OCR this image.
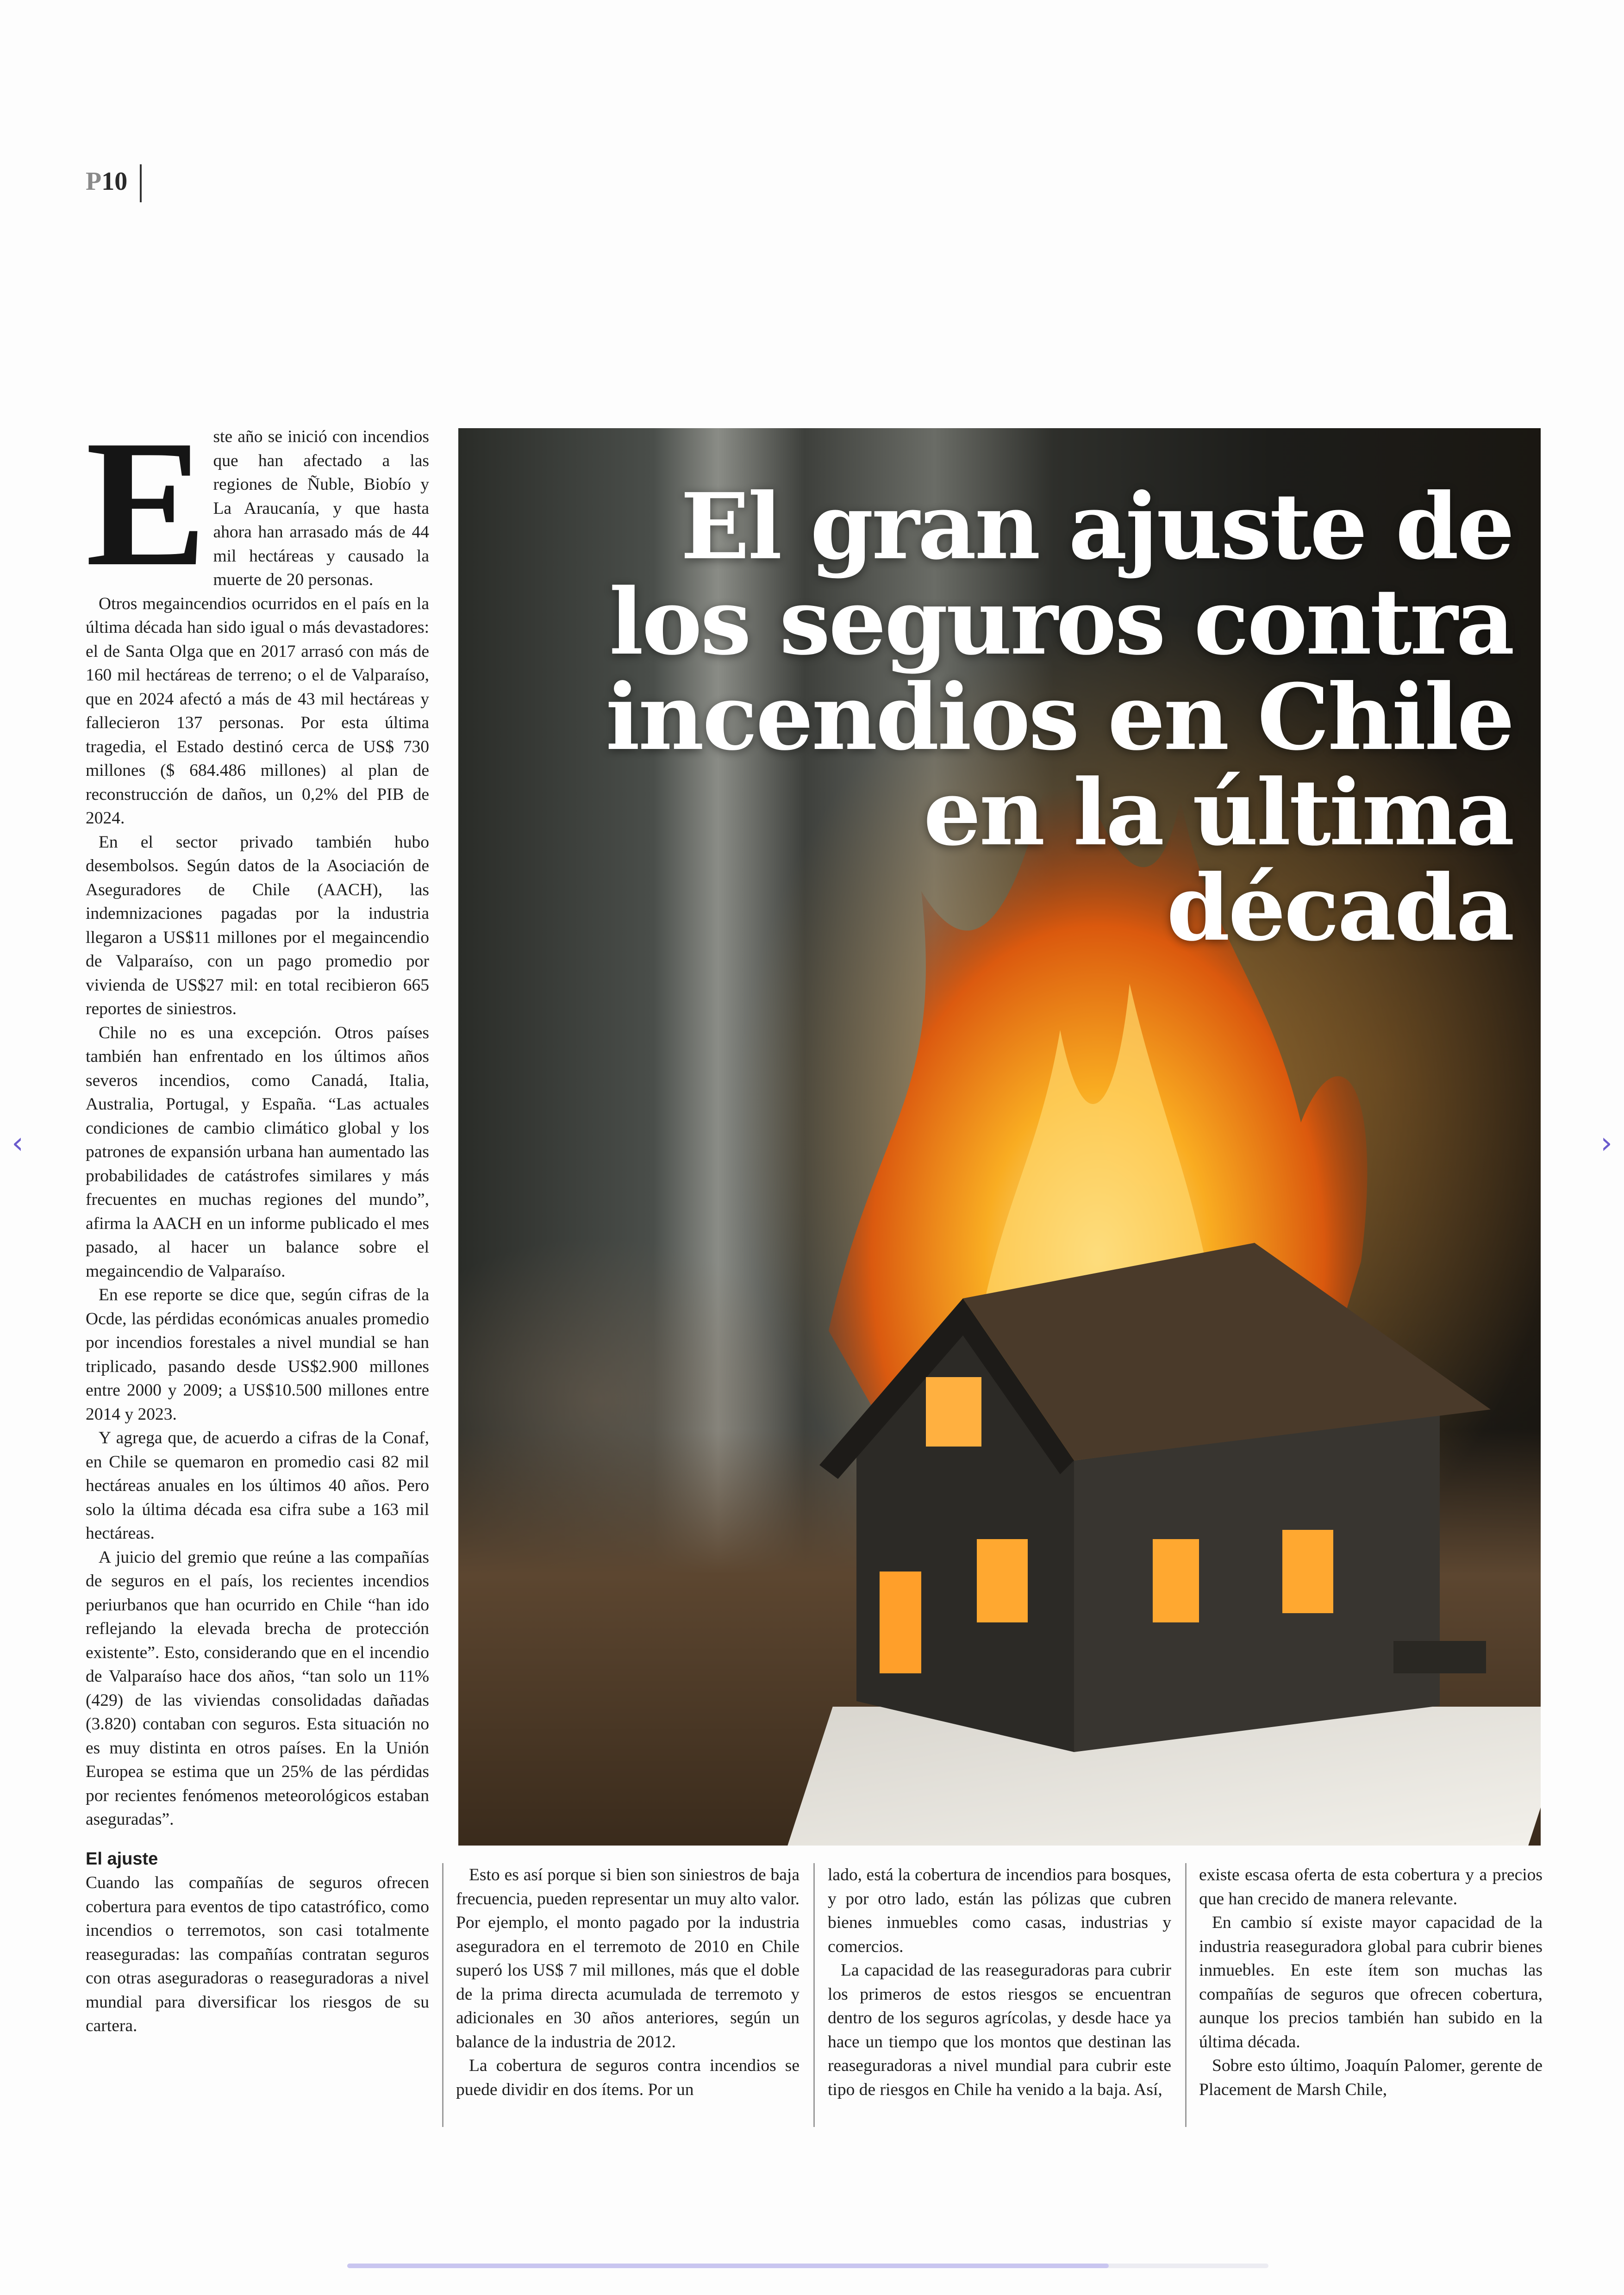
P10

Este año se inició con incendios que han afectado a las regiones de Ñuble, Biobío y La Araucanía, y que hasta ahora han arrasado más de 44 mil hectáreas y causado la muerte de 20 personas.

Otros megaincendios ocurridos en el país en la última década han sido igual o más devastadores: el de Santa Olga que en 2017 arrasó con más de 160 mil hectáreas de terreno; o el de Valparaíso, que en 2024 afectó a más de 43 mil hectáreas y fallecieron 137 personas. Por esta última tragedia, el Estado destinó cerca de US$ 730 millones ($ 684.486 millones) al plan de reconstrucción de daños, un 0,2% del PIB de 2024.

En el sector privado también hubo desembolsos. Según datos de la Asociación de Aseguradores de Chile (AACH), las indemnizaciones pagadas por la industria llegaron a US$11 millones por el megaincendio de Valparaíso, con un pago promedio por vivienda de US$27 mil: en total recibieron 665 reportes de siniestros.

Chile no es una excepción. Otros países también han enfrentado en los últimos años severos incendios, como Canadá, Italia, Australia, Portugal, y España. “Las actuales condiciones de cambio climático global y los patrones de expansión urbana han aumentado las probabilidades de catástrofes similares y más frecuentes en muchas regiones del mundo”, afirma la AACH en un informe publicado el mes pasado, al hacer un balance sobre el megaincendio de Valparaíso.

En ese reporte se dice que, según cifras de la Ocde, las pérdidas económicas anuales promedio por incendios forestales a nivel mundial se han triplicado, pasando desde US$2.900 millones entre 2000 y 2009; a US$10.500 millones entre 2014 y 2023.

Y agrega que, de acuerdo a cifras de la Conaf, en Chile se quemaron en promedio casi 82 mil hectáreas anuales en los últimos 40 años. Pero solo la última década esa cifra sube a 163 mil hectáreas.

A juicio del gremio que reúne a las compañías de seguros en el país, los recientes incendios periurbanos que han ocurrido en Chile “han ido reflejando la elevada brecha de protección existente”. Esto, considerando que en el incendio de Valparaíso hace dos años, “tan solo un 11% (429) de las viviendas consolidadas dañadas (3.820) contaban con seguros. Esta situación no es muy distinta en otros países. En la Unión Europea se estima que un 25% de las pérdidas por recientes fenómenos meteorológicos estaban aseguradas”.

El ajuste

Cuando las compañías de seguros ofrecen cobertura para eventos de tipo catastrófico, como incendios o terremotos, son casi totalmente reaseguradas: las compañías contratan seguros con otras aseguradoras o reaseguradoras a nivel mundial para diversificar los riesgos de su cartera.

El gran ajuste de los seguros contra incendios en Chile en la última década

Esto es así porque si bien son siniestros de baja frecuencia, pueden representar un muy alto valor. Por ejemplo, el monto pagado por la industria aseguradora en el terremoto de 2010 en Chile superó los US$ 7 mil millones, más que el doble de la prima directa acumulada de terremoto y adicionales en 30 años anteriores, según un balance de la industria de 2012.

La cobertura de seguros contra incendios se puede dividir en dos ítems. Por un

lado, está la cobertura de incendios para bosques, y por otro lado, están las pólizas que cubren bienes inmuebles como casas, industrias y comercios.

La capacidad de las reaseguradoras para cubrir los primeros de estos riesgos se encuentran dentro de los seguros agrícolas, y desde hace ya hace un tiempo que los montos que destinan las reaseguradoras a nivel mundial para cubrir este tipo de riesgos en Chile ha venido a la baja. Así,

existe escasa oferta de esta cobertura y a precios que han crecido de manera relevante.

En cambio sí existe mayor capacidad de la industria reaseguradora global para cubrir bienes inmuebles. En este ítem son muchas las compañías de seguros que ofrecen cobertura, aunque los precios también han subido en la última década.

Sobre esto último, Joaquín Palomer, gerente de Placement de Marsh Chile,

‹	›
